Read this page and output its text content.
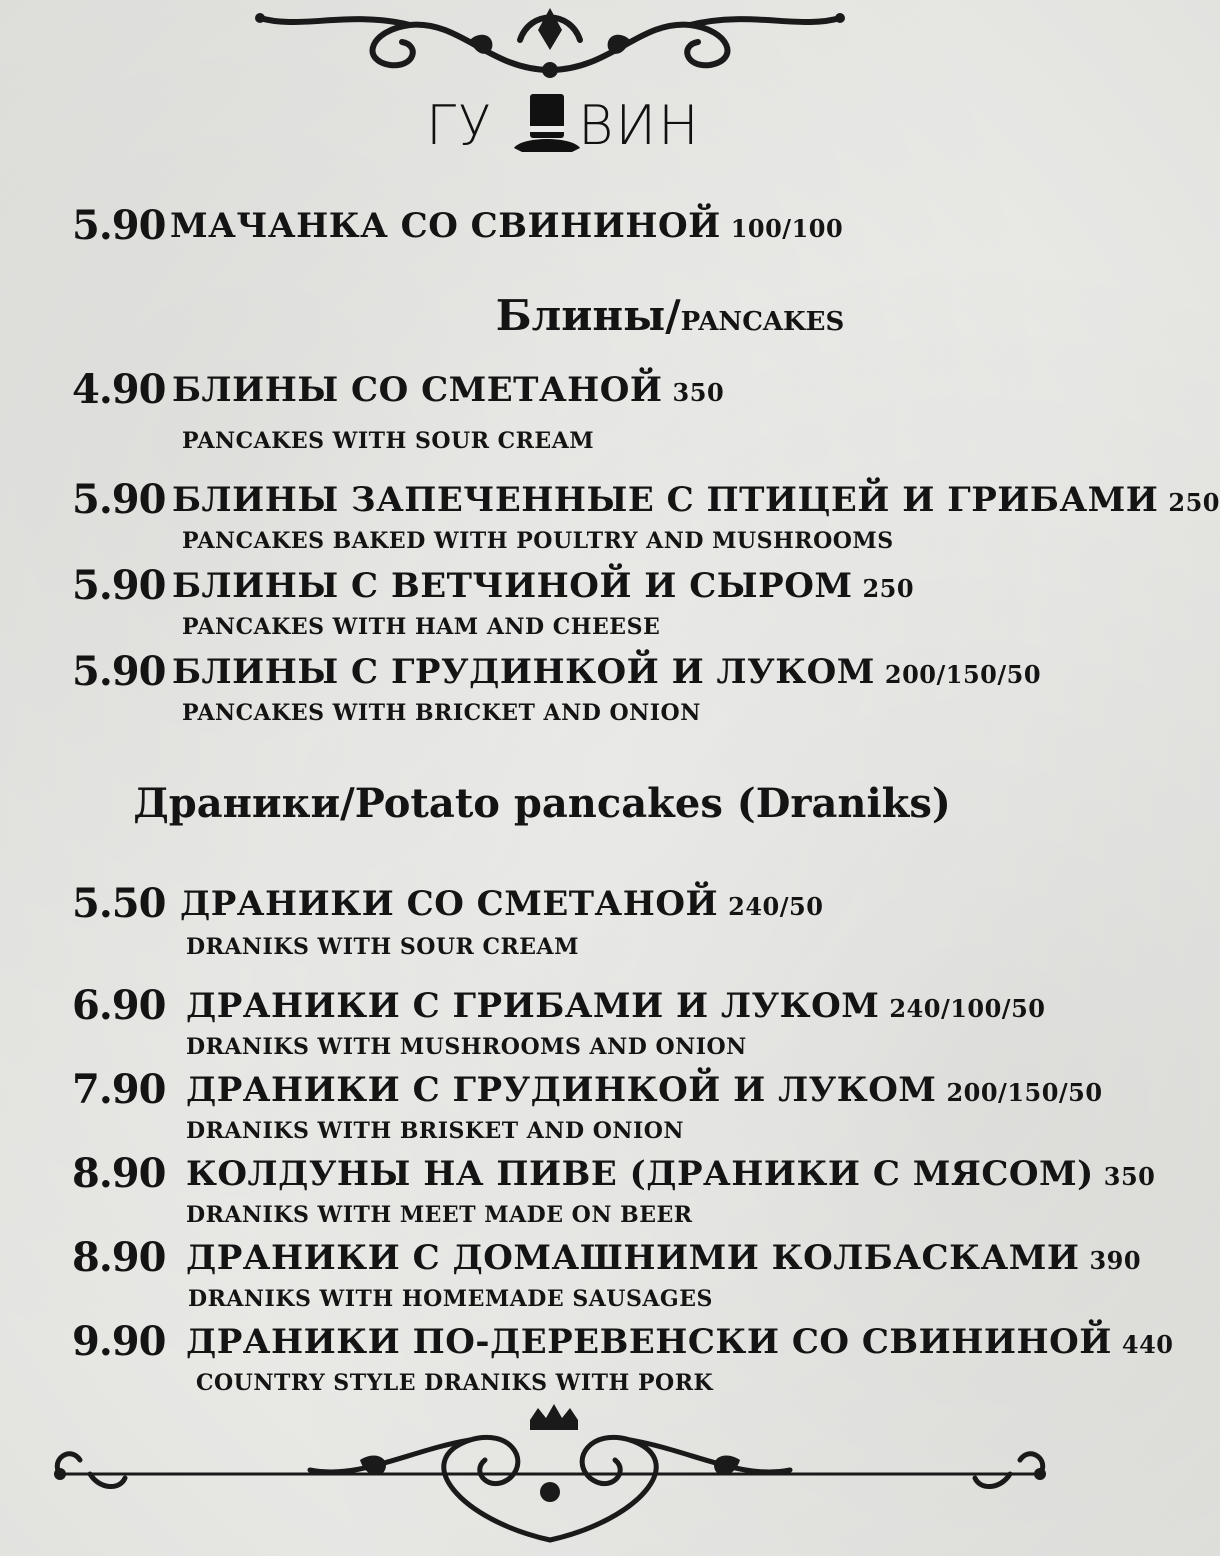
ГУ ВИН
5.90 МАЧАНКА СО СВИНИНОЙ 100/100
Блины/PANCAKES
4.90 БЛИНЫ СО СМЕТАНОЙ 350
PANCAKES WITH SOUR CREAM
5.90 БЛИНЫ ЗАПЕЧЕННЫЕ С ПТИЦЕЙ И ГРИБАМИ 250
PANCAKES BAKED WITH POULTRY AND MUSHROOMS
5.90 БЛИНЫ С ВЕТЧИНОЙ И СЫРОМ 250
PANCAKES WITH HAM AND CHEESE
5.90 БЛИНЫ С ГРУДИНКОЙ И ЛУКОМ 200/150/50
PANCAKES WITH BRICKET AND ONION
Драники/Potato pancakes (Draniks)
5.50 ДРАНИКИ СО СМЕТАНОЙ 240/50
DRANIKS WITH SOUR CREAM
6.90 ДРАНИКИ С ГРИБАМИ И ЛУКОМ 240/100/50
DRANIKS WITH MUSHROOMS AND ONION
7.90 ДРАНИКИ С ГРУДИНКОЙ И ЛУКОМ 200/150/50
DRANIKS WITH BRISKET AND ONION
8.90 КОЛДУНЫ НА ПИВЕ (ДРАНИКИ С МЯСОМ) 350
DRANIKS WITH MEET MADE ON BEER
8.90 ДРАНИКИ С ДОМАШНИМИ КОЛБАСКАМИ 390
DRANIKS WITH HOMEMADE SAUSAGES
9.90 ДРАНИКИ ПО-ДЕРЕВЕНСКИ СО СВИНИНОЙ 440
COUNTRY STYLE DRANIKS WITH PORK
